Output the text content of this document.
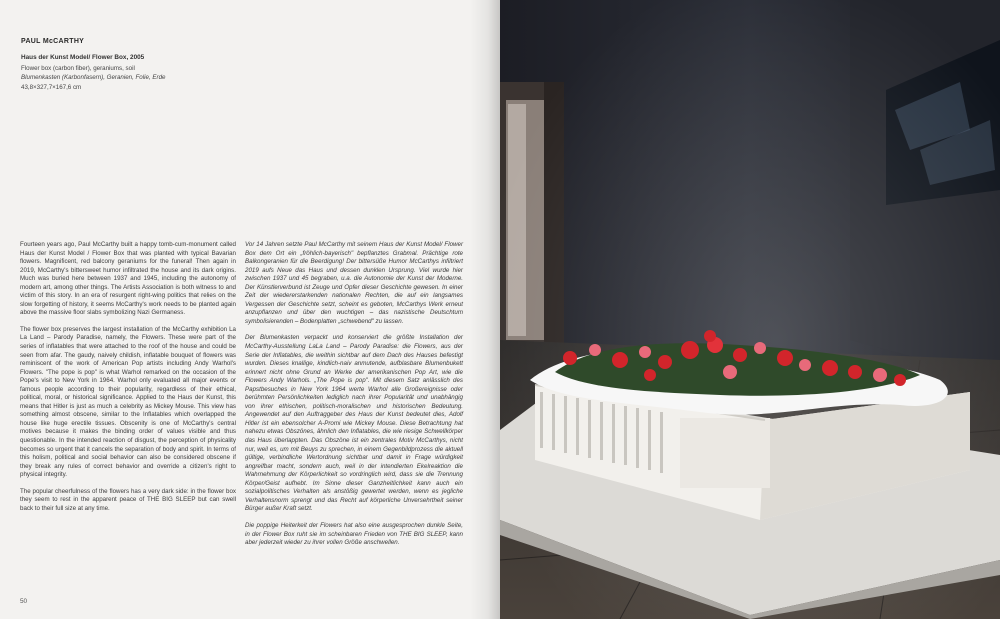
PAUL McCARTHY
Haus der Kunst Model/ Flower Box, 2005
Flower box (carbon fiber), geraniums, soil
Blumenkasten (Karbonfasern), Geranien, Folie, Erde
43,8×327,7×167,6 cm

Fourteen years ago, Paul McCarthy built a happy tomb-cum-monument called Haus der Kunst Model / Flower Box that was planted with typical Bavarian flowers. Magnificent, red balcony geraniums for the funeral! Then again in 2019, McCarthy's bittersweet humor infiltrated the house and its dark origins. Much was buried here between 1937 and 1945, including the autonomy of modern art, among other things. The Artists Association is both witness to and victim of this story. In an era of resurgent right-wing politics that relies on the slow forgetting of history, it seems McCarthy's work needs to be planted again above the massive floor slabs symbolizing Nazi Germaness.

The flower box preserves the largest installation of the McCarthy exhibition La La Land – Parody Paradise, namely, the Flowers. These were part of the series of inflatables that were attached to the roof of the house and could be seen from afar. The gaudy, naively childish, inflatable bouquet of flowers was reminiscent of the work of American Pop artists including Andy Warhol's Flowers. "The pope is pop" is what Warhol remarked on the occasion of the Pope's visit to New York in 1964. Warhol only evaluated all major events or famous people according to their popularity, regardless of their ethical, political, moral, or historical significance. Applied to the Haus der Kunst, this means that Hitler is just as much a celebrity as Mickey Mouse. This view has something almost obscene, similar to the Inflatables which overlapped the house like huge erectile tissues. Obscenity is one of McCarthy's central motives because it makes the binding order of values visible and thus questionable. In the intended reaction of disgust, the perception of physicality becomes so urgent that it cancels the separation of body and spirit. In terms of this holism, political and social behavior can also be considered obscene if they break any rules of correct behavior and override a citizen's right to physical integrity.

The popular cheerfulness of the flowers has a very dark side: in the flower box they seem to rest in the apparent peace of THE BIG SLEEP but can swell back to their full size at any time.

Vor 14 Jahren setzte Paul McCarthy mit seinem Haus der Kunst Model/ Flower Box dem Ort ein „fröhlich-bayerisch" bepflanztes Grabmal. Prächtige rote Balkongeranien für die Beerdigung! Der bittersüße Humor McCarthys infiltriert 2019 aufs Neue das Haus und dessen dunklen Ursprung. Viel wurde hier zwischen 1937 und 45 begraben, u.a. die Autonomie der Kunst der Moderne. Der Künstlerverbund ist Zeuge und Opfer dieser Geschichte gewesen. In einer Zeit der wiedererstarkenden nationalen Rechten, die auf ein langsames Vergessen der Geschichte setzt, scheint es geboten, McCarthys Werk erneut anzupflanzen und über den wuchtigen – das nazistische Deutschtum symbolisierenden – Bodenplatten „schwebend" zu lassen.

Der Blumenkasten verpackt und konserviert die größte Installation der McCarthy-Ausstellung LaLa Land – Parody Paradise: die Flowers, aus der Serie der Inflatables, die weithin sichtbar auf dem Dach des Hauses befestigt wurden. Dieses knallige, kindlich-naiv anmutende, aufblasbare Blumenbukett erinnert nicht ohne Grund an Werke der amerikanischen Pop Art, wie die Flowers Andy Warhols. „The Pope is pop". Mit diesem Satz anlässlich des Papstbesuches in New York 1964 werte Warhol alle Großereignisse oder berühmten Persönlichkeiten lediglich nach ihrer Popularität und unabhängig von ihrer ethischen, politisch-moralischen und historischen Bedeutung. Angewendet auf den Auftraggeber des Haus der Kunst bedeutet dies, Adolf Hitler ist ein ebensolcher A-Promi wie Mickey Mouse. Diese Betrachtung hat nahezu etwas Obszönes, ähnlich den Inflatables, die wie riesige Schwellkörper das Haus überlappten. Das Obszöne ist ein zentrales Motiv McCarthys, nicht nur, weil es, um mit Beuys zu sprechen, in einem Gegenbildprozess die aktuell gültige, verbindliche Wertordnung sichtbar und damit in Frage würdigkeit angreifbar macht, sondern auch, weil in der intendierten Ekelreaktion die Wahrnehmung der Körperlichkeit so vordringlich wird, dass sie die Trennung Körper/Geist aufhebt. Im Sinne dieser Ganzheitlichkeit kann auch ein sozialpolitisches Verhalten als anstößig gewertet werden, wenn es jegliche Verhaltensnorm sprengt und das Recht auf körperliche Unversehrtheit seiner Bürger außer Kraft setzt.

Die poppige Heiterkeit der Flowers hat also eine ausgesprochen dunkle Seite, in der Flower Box ruht sie im scheinbaren Frieden von THE BIG SLEEP, kann aber jederzeit wieder zu ihrer vollen Größe anschwellen.

50
